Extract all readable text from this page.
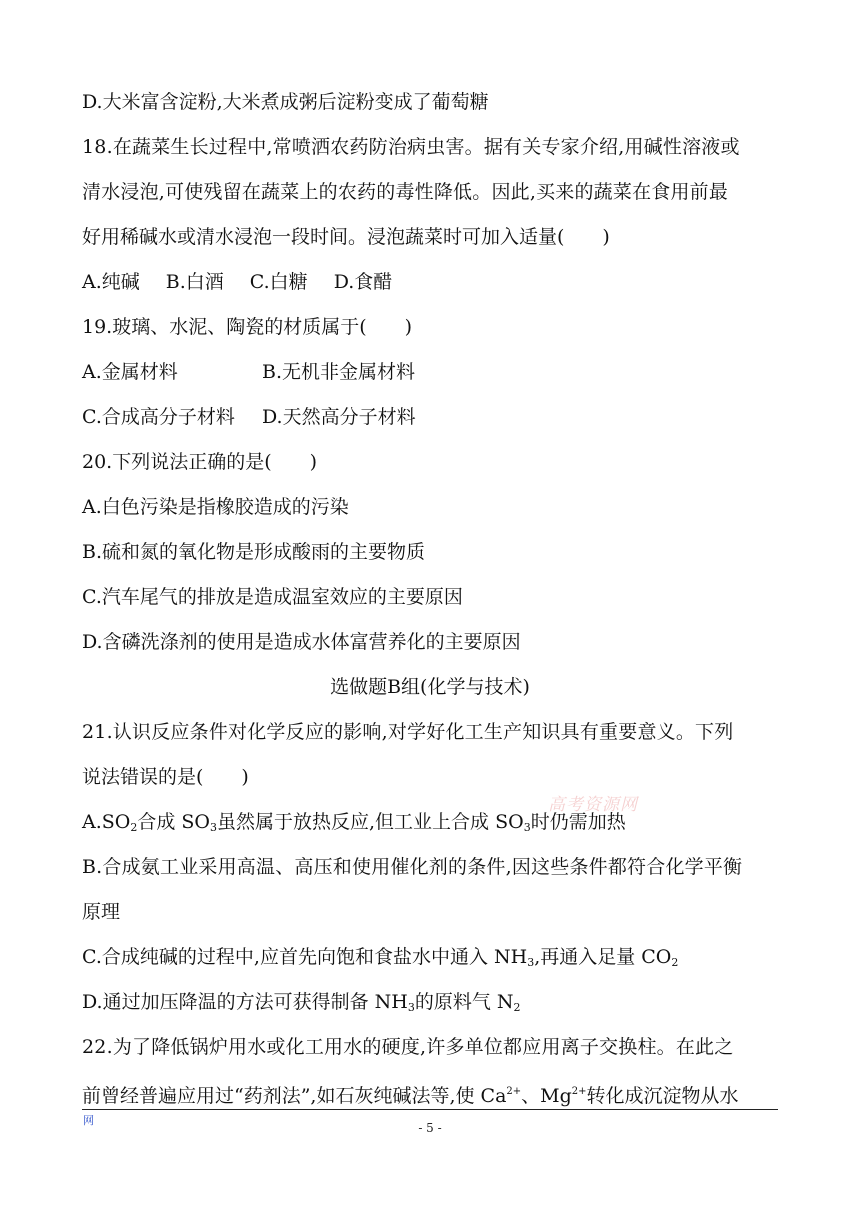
D.大米富含淀粉,大米煮成粥后淀粉变成了葡萄糖
18.在蔬菜生长过程中,常喷洒农药防治病虫害。据有关专家介绍,用碱性溶液或
清水浸泡,可使残留在蔬菜上的农药的毒性降低。因此,买来的蔬菜在食用前最
好用稀碱水或清水浸泡一段时间。浸泡蔬菜时可加入适量(　　)
A.纯碱 B.白酒 C.白糖 D.食醋
19.玻璃、水泥、陶瓷的材质属于(　　)
A.金属材料	B.无机非金属材料
C.合成高分子材料 D.天然高分子材料
20.下列说法正确的是(　　)
A.白色污染是指橡胶造成的污染
B.硫和氮的氧化物是形成酸雨的主要物质
C.汽车尾气的排放是造成温室效应的主要原因
D.含磷洗涤剂的使用是造成水体富营养化的主要原因
选做题B组(化学与技术)
21.认识反应条件对化学反应的影响,对学好化工生产知识具有重要意义。下列
说法错误的是(　　)
$A.SO_2$合成 $SO_3$虽然属于放热反应,但工业上合成 $SO_3$时仍需加热
B.合成氨工业采用高温、高压和使用催化剂的条件,因这些条件都符合化学平衡
原理
C.合成纯碱的过程中,应首先向饱和食盐水中通入 $NH_3$,再通入足量 $CO_2$
D.通过加压降温的方法可获得制备 $NH_3$的原料气 $N_2$
22.为了降低锅炉用水或化工用水的硬度,许多单位都应用离子交换柱。在此之
前曾经普遍应用过“药剂法”,如石灰纯碱法等,使 $Ca^{2+}$、$Mg^{2+}$转化成沉淀物从水
高考资源网
网
- 5 -
